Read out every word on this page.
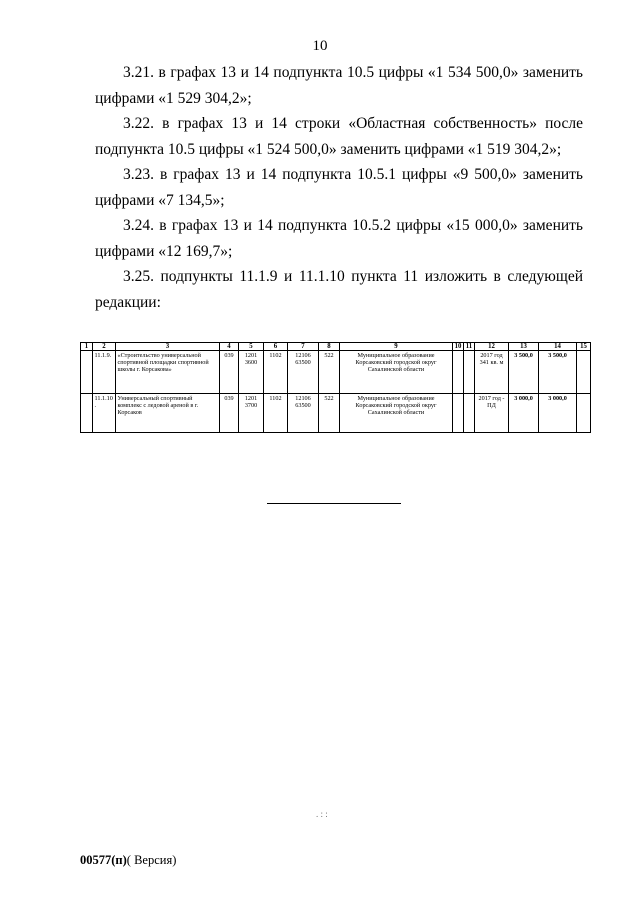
10
3.21. в графах 13 и 14 подпункта 10.5 цифры «1 534 500,0» заменить цифрами «1 529 304,2»;
3.22. в графах 13 и 14 строки «Областная собственность» после подпункта 10.5 цифры «1 524 500,0» заменить цифрами «1 519 304,2»;
3.23. в графах 13 и 14 подпункта 10.5.1 цифры «9 500,0» заменить цифрами «7 134,5»;
3.24. в графах 13 и 14 подпункта 10.5.2 цифры «15 000,0» заменить цифрами «12 169,7»;
3.25. подпункты 11.1.9 и 11.1.10 пункта 11 изложить в следующей редакции:
1	2	3	4	5	6	7	8	9	10	11	12	13	14	15
	11.1.9.	«Строительство универсальной спортивной площадки спортивной школы г. Корсакова»	039	1201 3600	1102	12106 63500	522	Муниципальное образование Корсаковский городской округ Сахалинской области			2017 год 341 кв. м	3 500,0	3 500,0	
	11.1.10.	Универсальный спортивный комплекс с ледовой ареной в г. Корсаков	039	1201 3700	1102	12106 63500	522	Муниципальное образование Корсаковский городской округ Сахалинской области			2017 год - ПД	3 000,0	3 000,0	
. : :
00577(п)( Версия)
